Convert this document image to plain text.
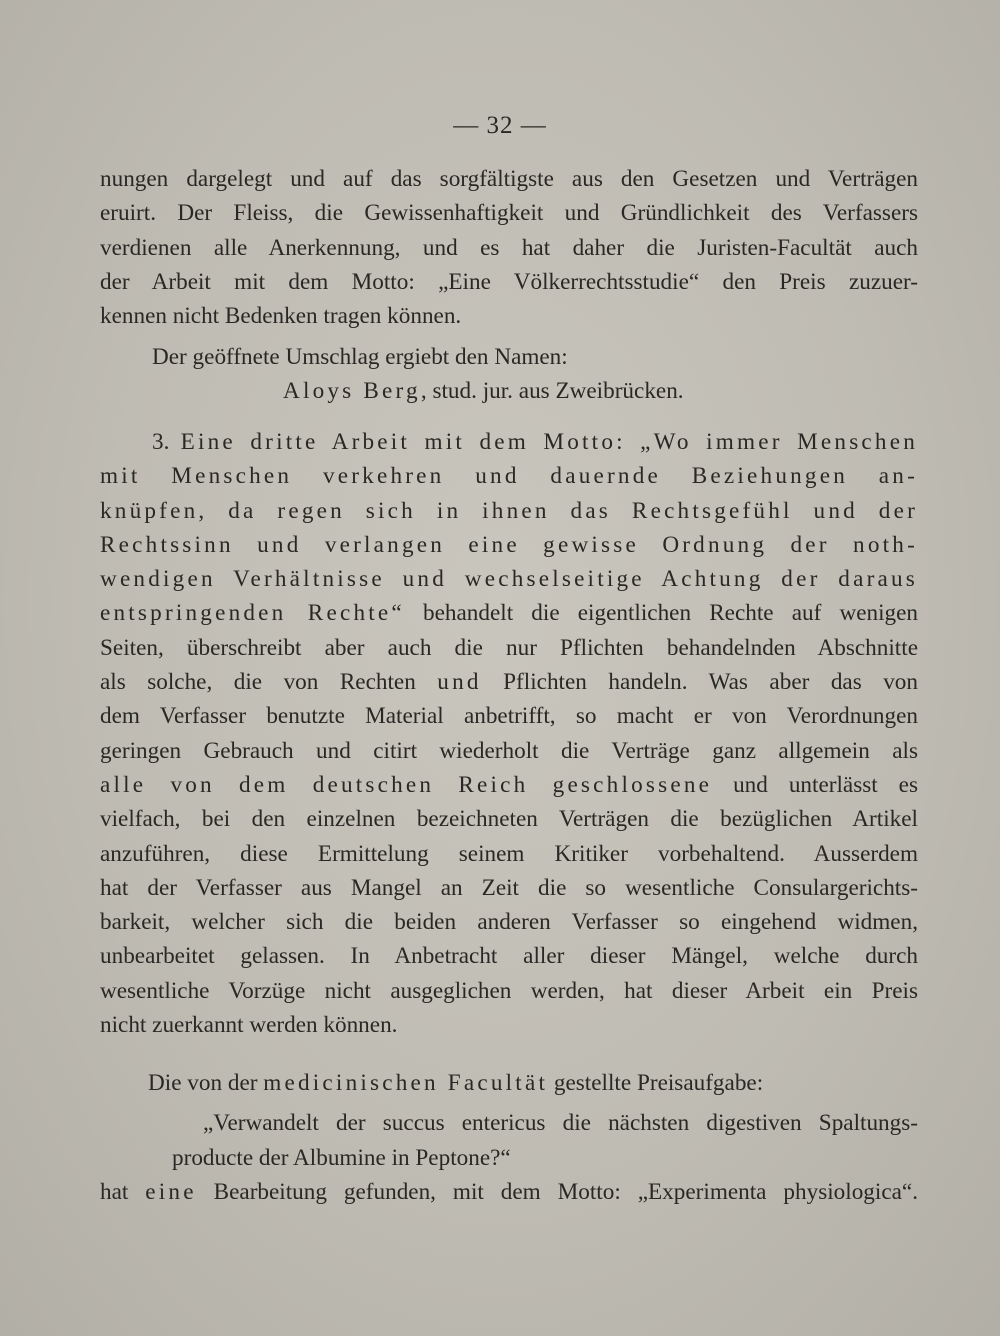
— 32 —
nungen dargelegt und auf das sorgfältigste aus den Gesetzen und Verträgen
eruirt. Der Fleiss, die Gewissenhaftigkeit und Gründlichkeit des Verfassers
verdienen alle Anerkennung, und es hat daher die Juristen-Facultät auch
der Arbeit mit dem Motto: „Eine Völkerrechtsstudie“ den Preis zuzuer-
kennen nicht Bedenken tragen können.
Der geöffnete Umschlag ergiebt den Namen:
Aloys Berg, stud. jur. aus Zweibrücken.
3. Eine dritte Arbeit mit dem Motto: „Wo immer Menschen
mit Menschen verkehren und dauernde Beziehungen an-
knüpfen, da regen sich in ihnen das Rechtsgefühl und der
Rechtssinn und verlangen eine gewisse Ordnung der noth-
wendigen Verhältnisse und wechselseitige Achtung der daraus
entspringenden Rechte“ behandelt die eigentlichen Rechte auf wenigen
Seiten, überschreibt aber auch die nur Pflichten behandelnden Abschnitte
als solche, die von Rechten und Pflichten handeln. Was aber das von
dem Verfasser benutzte Material anbetrifft, so macht er von Verordnungen
geringen Gebrauch und citirt wiederholt die Verträge ganz allgemein als
alle von dem deutschen Reich geschlossene und unterlässt es
vielfach, bei den einzelnen bezeichneten Verträgen die bezüglichen Artikel
anzuführen, diese Ermittelung seinem Kritiker vorbehaltend. Ausserdem
hat der Verfasser aus Mangel an Zeit die so wesentliche Consulargerichts-
barkeit, welcher sich die beiden anderen Verfasser so eingehend widmen,
unbearbeitet gelassen. In Anbetracht aller dieser Mängel, welche durch
wesentliche Vorzüge nicht ausgeglichen werden, hat dieser Arbeit ein Preis
nicht zuerkannt werden können.
Die von der medicinischen Facultät gestellte Preisaufgabe:
„Verwandelt der succus entericus die nächsten digestiven Spaltungs-
producte der Albumine in Peptone?“
hat eine Bearbeitung gefunden, mit dem Motto: „Experimenta physiologica“.
